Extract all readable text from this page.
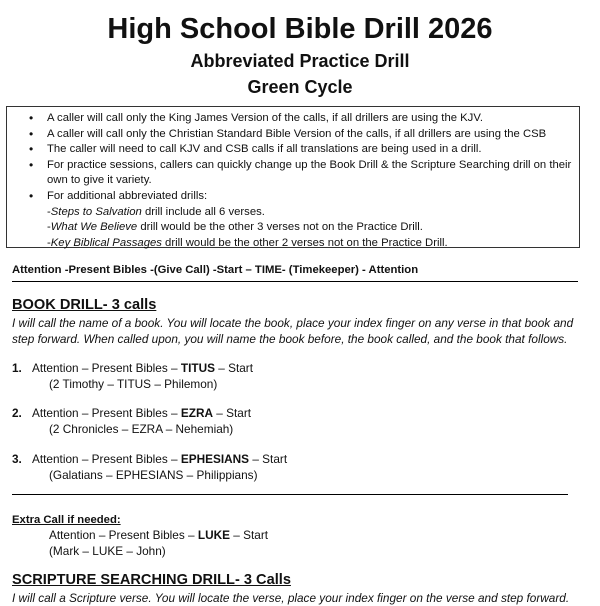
High School Bible Drill 2026
Abbreviated Practice Drill
Green Cycle
• A caller will call only the King James Version of the calls, if all drillers are using the KJV.
• A caller will call only the Christian Standard Bible Version of the calls, if all drillers are using the CSB
• The caller will need to call KJV and CSB calls if all translations are being used in a drill.
• For practice sessions, callers can quickly change up the Book Drill & the Scripture Searching drill on their own to give it variety.
• For additional abbreviated drills:
-Steps to Salvation drill include all 6 verses.
-What We Believe drill would be the other 3 verses not on the Practice Drill.
-Key Biblical Passages drill would be the other 2 verses not on the Practice Drill.
Attention -Present Bibles -(Give Call) -Start – TIME- (Timekeeper) - Attention
BOOK DRILL- 3 calls
I will call the name of a book. You will locate the book, place your index finger on any verse in that book and step forward. When called upon, you will name the book before, the book called, and the book that follows.
1. Attention – Present Bibles – TITUS – Start
(2 Timothy – TITUS – Philemon)
2. Attention – Present Bibles – EZRA – Start
(2 Chronicles – EZRA – Nehemiah)
3. Attention – Present Bibles – EPHESIANS – Start
(Galatians – EPHESIANS – Philippians)
Extra Call if needed:
Attention – Present Bibles – LUKE – Start
(Mark – LUKE – John)
SCRIPTURE SEARCHING DRILL- 3 Calls
I will call a Scripture verse. You will locate the verse, place your index finger on the verse and step forward.
